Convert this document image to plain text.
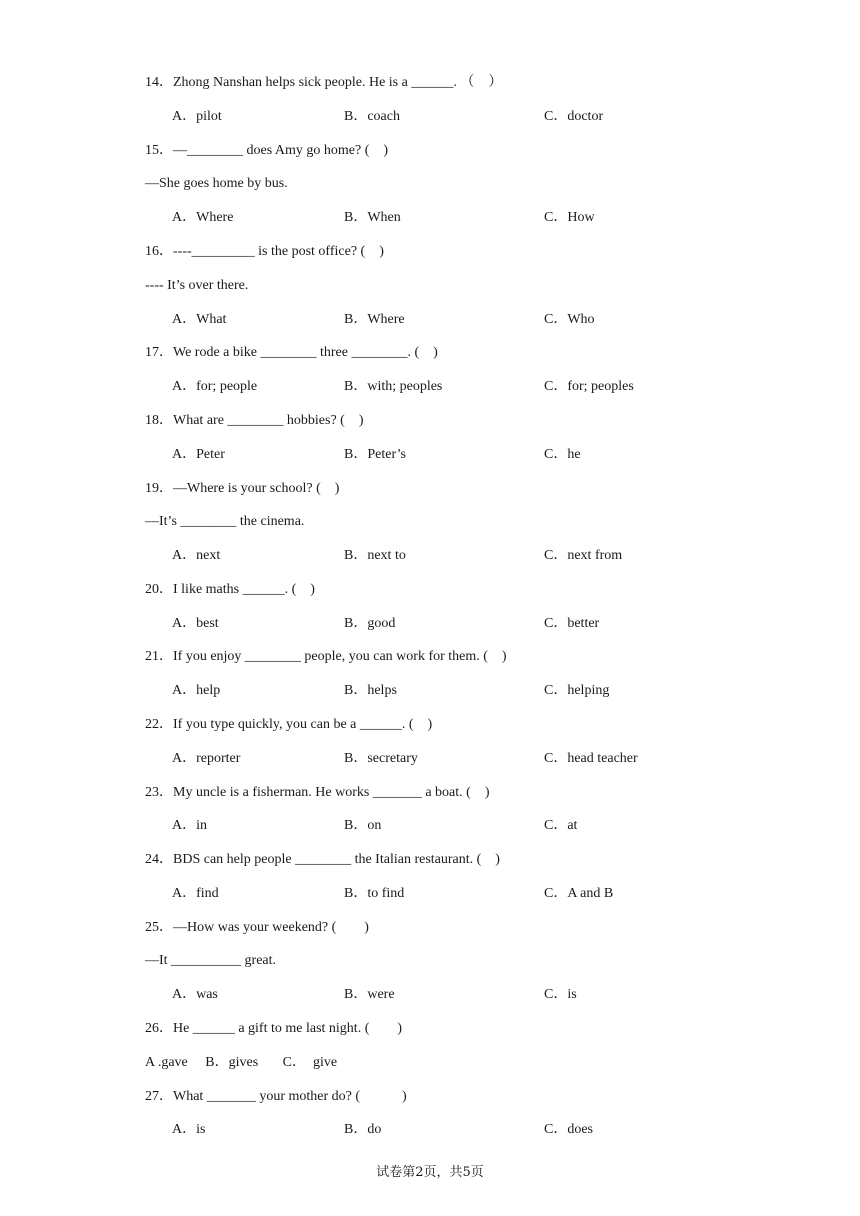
14．Zhong Nanshan helps sick people. He is a ______. （　）
A．pilot	B．coach	C．doctor
15．—________ does Amy go home? (　)
—She goes home by bus.
A．Where	B．When	C．How
16．----_________ is the post office? (　)
---- It’s over there.
A．What	B．Where	C．Who
17．We rode a bike ________ three ________. (　)
A．for; people	B．with; peoples	C．for; peoples
18．What are ________ hobbies? (　)
A．Peter	B．Peter’s	C．he
19．—Where is your school? (　)
—It’s ________ the cinema.
A．next	B．next to	C．next from
20．I like maths ______. (　)
A．best	B．good	C．better
21．If you enjoy ________ people, you can work for them. (　)
A．help	B．helps	C．helping
22．If you type quickly, you can be a ______. (　)
A．reporter	B．secretary	C．head teacher
23．My uncle is a fisherman. He works _______ a boat. (　)
A．in	B．on	C．at
24．BDS can help people ________ the Italian restaurant. (　)
A．find	B．to find	C．A and B
25．—How was your weekend? (　　)
—It __________ great.
A．was	B．were	C．is
26．He ______ a gift to me last night. (　　)
A .gave     B．gives       C．  give
27．What _______ your mother do? (　　　)
A．is	B．do	C．does
试卷第2页，共5页
